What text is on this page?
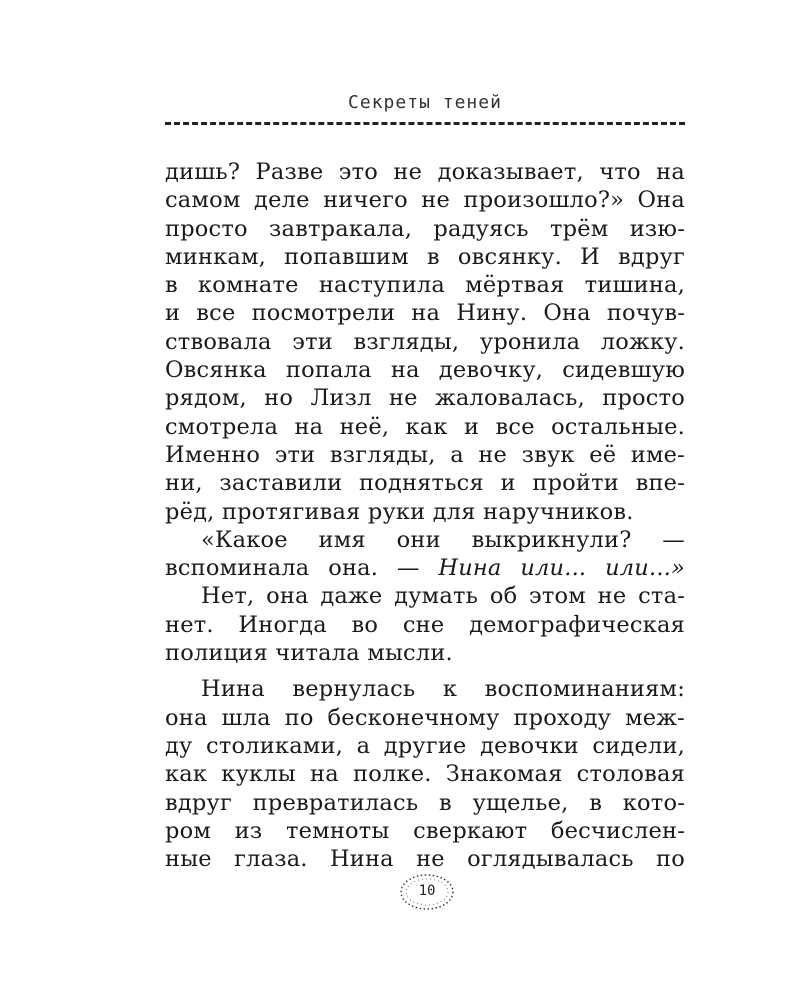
Секреты теней
дишь? Разве это не доказывает, что на
самом деле ничего не произошло?» Она
просто завтракала, радуясь трём изю-
минкам, попавшим в овсянку. И вдруг
в комнате наступила мёртвая тишина,
и все посмотрели на Нину. Она почув-
ствовала эти взгляды, уронила ложку.
Овсянка попала на девочку, сидевшую
рядом, но Лизл не жаловалась, просто
смотрела на неё, как и все остальные.
Именно эти взгляды, а не звук её име-
ни, заставили подняться и пройти впе-
рёд, протягивая руки для наручников.
«Какое имя они выкрикнули? —
вспоминала она. — Нина или... или...»
Нет, она даже думать об этом не ста-
нет. Иногда во сне демографическая
полиция читала мысли.
Нина вернулась к воспоминаниям:
она шла по бесконечному проходу меж-
ду столиками, а другие девочки сидели,
как куклы на полке. Знакомая столовая
вдруг превратилась в ущелье, в кото-
ром из темноты сверкают бесчислен-
ные глаза. Нина не оглядывалась по
10
